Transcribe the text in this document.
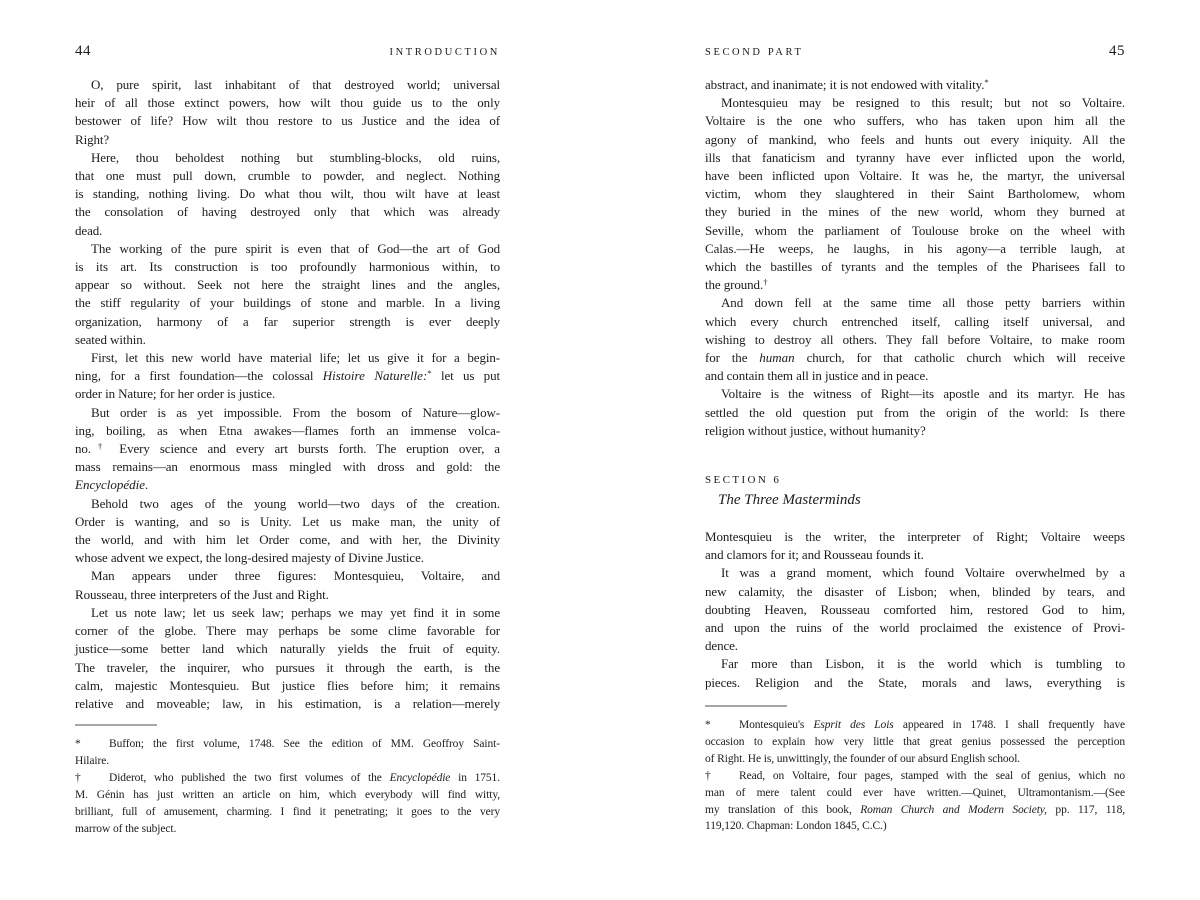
44	INTRODUCTION
O, pure spirit, last inhabitant of that destroyed world; universal
heir of all those extinct powers, how wilt thou guide us to the only
bestower of life? How wilt thou restore to us Justice and the idea of
Right?
Here, thou beholdest nothing but stumbling-blocks, old ruins,
that one must pull down, crumble to powder, and neglect. Nothing
is standing, nothing living. Do what thou wilt, thou wilt have at least
the consolation of having destroyed only that which was already
dead.
The working of the pure spirit is even that of God—the art of God
is its art. Its construction is too profoundly harmonious within, to
appear so without. Seek not here the straight lines and the angles,
the stiff regularity of your buildings of stone and marble. In a living
organization, harmony of a far superior strength is ever deeply
seated within.
First, let this new world have material life; let us give it for a begin-
ning, for a first foundation—the colossal Histoire Naturelle:* let us put
order in Nature; for her order is justice.
But order is as yet impossible. From the bosom of Nature—glow-
ing, boiling, as when Etna awakes—flames forth an immense volca-
no.† Every science and every art bursts forth. The eruption over, a
mass remains—an enormous mass mingled with dross and gold: the
Encyclopédie.
Behold two ages of the young world—two days of the creation.
Order is wanting, and so is Unity. Let us make man, the unity of
the world, and with him let Order come, and with her, the Divinity
whose advent we expect, the long-desired majesty of Divine Justice.
Man appears under three figures: Montesquieu, Voltaire, and
Rousseau, three interpreters of the Just and Right.
Let us note law; let us seek law; perhaps we may yet find it in some
corner of the globe. There may perhaps be some clime favorable for
justice—some better land which naturally yields the fruit of equity.
The traveler, the inquirer, who pursues it through the earth, is the
calm, majestic Montesquieu. But justice flies before him; it remains
relative and moveable; law, in his estimation, is a relation—merely
* Buffon; the first volume, 1748. See the edition of MM. Geoffroy Saint-
Hilaire.
† Diderot, who published the two first volumes of the Encyclopédie in 1751.
M. Génin has just written an article on him, which everybody will find witty,
brilliant, full of amusement, charming. I find it penetrating; it goes to the very
marrow of the subject.
SECOND PART	45
abstract, and inanimate; it is not endowed with vitality.*
Montesquieu may be resigned to this result; but not so Voltaire.
Voltaire is the one who suffers, who has taken upon him all the
agony of mankind, who feels and hunts out every iniquity. All the
ills that fanaticism and tyranny have ever inflicted upon the world,
have been inflicted upon Voltaire. It was he, the martyr, the universal
victim, whom they slaughtered in their Saint Bartholomew, whom
they buried in the mines of the new world, whom they burned at
Seville, whom the parliament of Toulouse broke on the wheel with
Calas.—He weeps, he laughs, in his agony—a terrible laugh, at
which the bastilles of tyrants and the temples of the Pharisees fall to
the ground.†
And down fell at the same time all those petty barriers within
which every church entrenched itself, calling itself universal, and
wishing to destroy all others. They fall before Voltaire, to make room
for the human church, for that catholic church which will receive
and contain them all in justice and in peace.
Voltaire is the witness of Right—its apostle and its martyr. He has
settled the old question put from the origin of the world: Is there
religion without justice, without humanity?
SECTION 6
The Three Masterminds
Montesquieu is the writer, the interpreter of Right; Voltaire weeps
and clamors for it; and Rousseau founds it.
It was a grand moment, which found Voltaire overwhelmed by a
new calamity, the disaster of Lisbon; when, blinded by tears, and
doubting Heaven, Rousseau comforted him, restored God to him,
and upon the ruins of the world proclaimed the existence of Provi-
dence.
Far more than Lisbon, it is the world which is tumbling to
pieces. Religion and the State, morals and laws, everything is
* Montesquieu's Esprit des Lois appeared in 1748. I shall frequently have
occasion to explain how very little that great genius possessed the perception
of Right. He is, unwittingly, the founder of our absurd English school.
† Read, on Voltaire, four pages, stamped with the seal of genius, which no
man of mere talent could ever have written.—Quinet, Ultramontanism.—(See
my translation of this book, Roman Church and Modern Society, pp. 117, 118,
119,120. Chapman: London 1845, C.C.)
